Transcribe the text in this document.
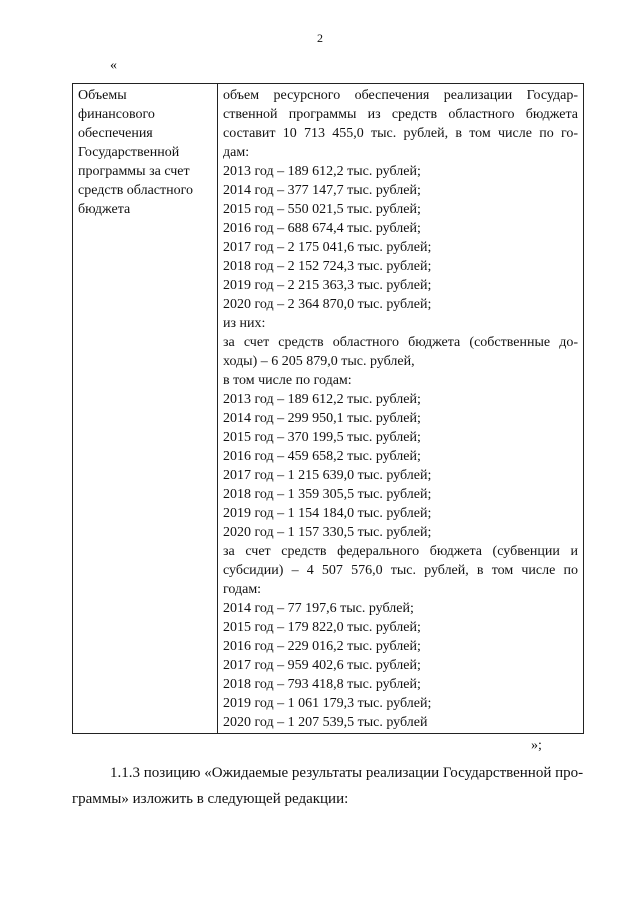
2
«
Объемы
финансового
обеспечения
Государственной
программы за счет
средств областного
бюджета
объем ресурсного обеспечения реализации Государ-
ственной программы из средств областного бюджета
составит 10 713 455,0 тыс. рублей, в том числе по го-
дам:
2013 год – 189 612,2 тыс. рублей;
2014 год – 377 147,7 тыс. рублей;
2015 год – 550 021,5 тыс. рублей;
2016 год – 688 674,4 тыс. рублей;
2017 год – 2 175 041,6 тыс. рублей;
2018 год – 2 152 724,3 тыс. рублей;
2019 год – 2 215 363,3 тыс. рублей;
2020 год – 2 364 870,0 тыс. рублей;
из них:
за счет средств областного бюджета (собственные до-
ходы) – 6 205 879,0 тыс. рублей,
в том числе по годам:
2013 год – 189 612,2 тыс. рублей;
2014 год – 299 950,1 тыс. рублей;
2015 год – 370 199,5 тыс. рублей;
2016 год – 459 658,2 тыс. рублей;
2017 год – 1 215 639,0 тыс. рублей;
2018 год – 1 359 305,5 тыс. рублей;
2019 год – 1 154 184,0 тыс. рублей;
2020 год – 1 157 330,5 тыс. рублей;
за счет средств федерального бюджета (субвенции и
субсидии) – 4 507 576,0 тыс. рублей, в том числе по
годам:
2014 год – 77 197,6 тыс. рублей;
2015 год – 179 822,0 тыс. рублей;
2016 год – 229 016,2 тыс. рублей;
2017 год – 959 402,6 тыс. рублей;
2018 год – 793 418,8 тыс. рублей;
2019 год – 1 061 179,3 тыс. рублей;
2020 год – 1 207 539,5 тыс. рублей
»;
1.1.3 позицию «Ожидаемые результаты реализации Государственной про-
граммы» изложить в следующей редакции:
